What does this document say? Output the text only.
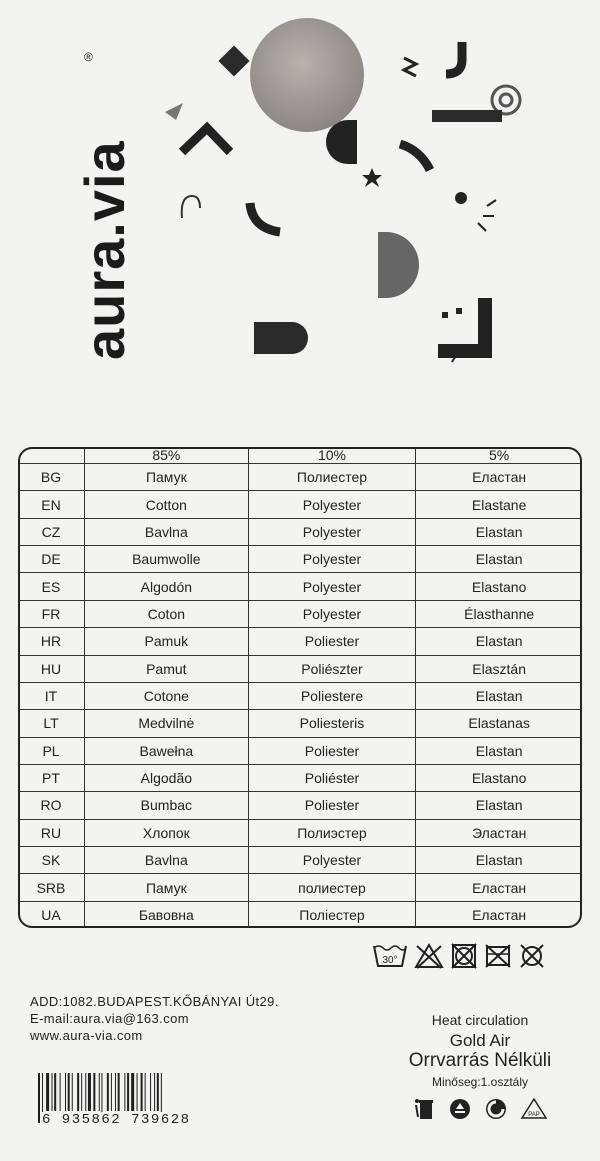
aura.via
®
	85%	10%	5%
BG	Памук	Полиестер	Еластан
EN	Cotton	Polyester	Elastane
CZ	Bavlna	Polyester	Elastan
DE	Baumwolle	Polyester	Elastan
ES	Algodón	Polyester	Elastano
FR	Coton	Polyester	Élasthanne
HR	Pamuk	Poliester	Elastan
HU	Pamut	Poliészter	Elasztán
IT	Cotone	Poliestere	Elastan
LT	Medvilnė	Poliesteris	Elastanas
PL	Bawełna	Poliester	Elastan
PT	Algodão	Poliéster	Elastano
RO	Bumbac	Poliester	Elastan
RU	Хлопок	Полиэстер	Эластан
SK	Bavlna	Polyester	Elastan
SRB	Памук	полиестер	Еластан
UA	Бавовна	Поліестер	Еластан
30°
ADD:1082.BUDAPEST.KŐBÁNYAI Út29.
E-mail:aura.via@163.com
www.aura-via.com
Heat circulation
Gold Air
Orrvarrás Nélküli
Minőseg:1.osztály
PAP
6 935862 739628
